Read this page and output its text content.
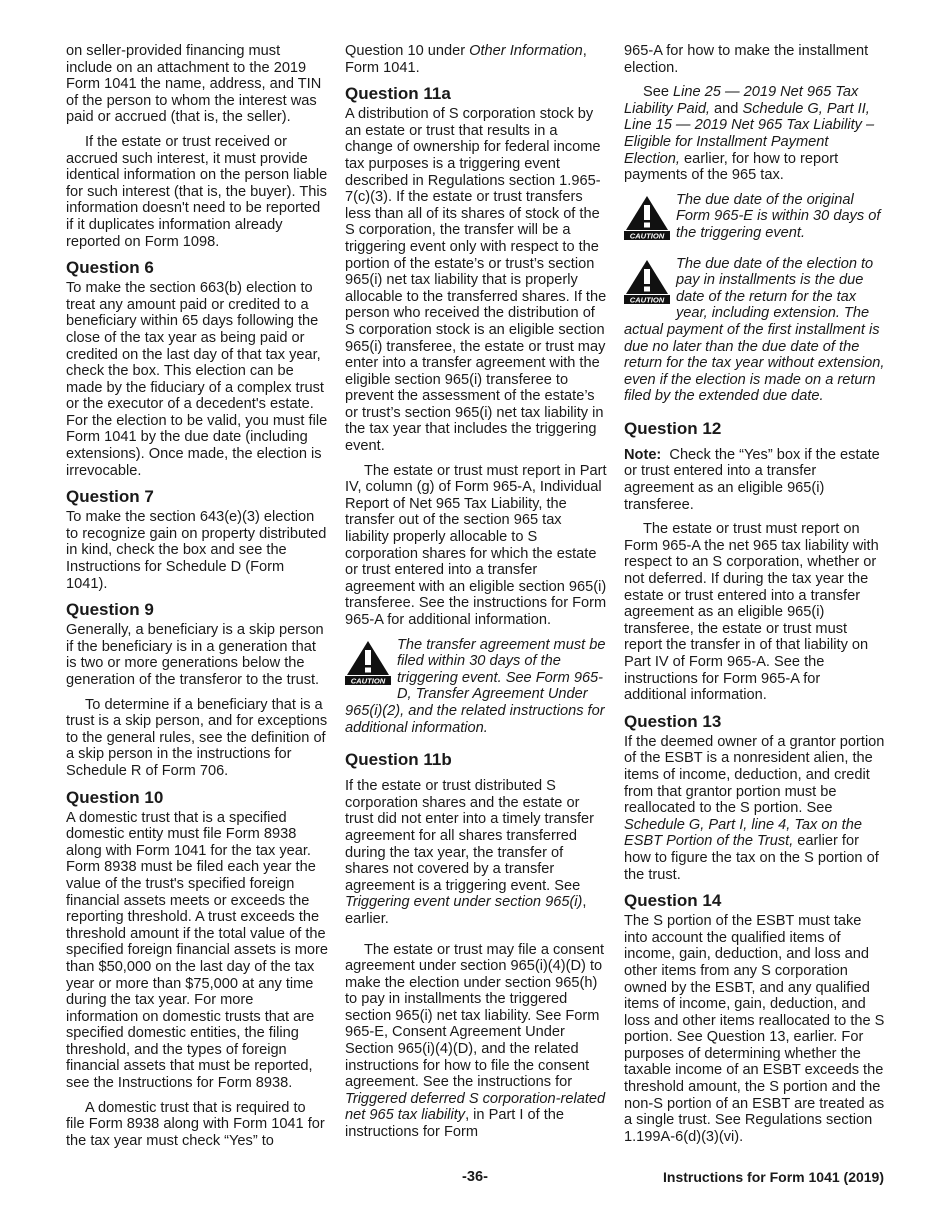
on seller-provided financing must include on an attachment to the 2019 Form 1041 the name, address, and TIN of the person to whom the interest was paid or accrued (that is, the seller).

If the estate or trust received or accrued such interest, it must provide identical information on the person liable for such interest (that is, the buyer). This information doesn't need to be reported if it duplicates information already reported on Form 1098.

Question 6

To make the section 663(b) election to treat any amount paid or credited to a beneficiary within 65 days following the close of the tax year as being paid or credited on the last day of that tax year, check the box. This election can be made by the fiduciary of a complex trust or the executor of a decedent's estate. For the election to be valid, you must file Form 1041 by the due date (including extensions). Once made, the election is irrevocable.

Question 7

To make the section 643(e)(3) election to recognize gain on property distributed in kind, check the box and see the Instructions for Schedule D (Form 1041).

Question 9

Generally, a beneficiary is a skip person if the beneficiary is in a generation that is two or more generations below the generation of the transferor to the trust.

To determine if a beneficiary that is a trust is a skip person, and for exceptions to the general rules, see the definition of a skip person in the instructions for Schedule R of Form 706.

Question 10

A domestic trust that is a specified domestic entity must file Form 8938 along with Form 1041 for the tax year. Form 8938 must be filed each year the value of the trust's specified foreign financial assets meets or exceeds the reporting threshold. A trust exceeds the threshold amount if the total value of the specified foreign financial assets is more than $50,000 on the last day of the tax year or more than $75,000 at any time during the tax year. For more information on domestic trusts that are specified domestic entities, the filing threshold, and the types of foreign financial assets that must be reported, see the Instructions for Form 8938.

A domestic trust that is required to file Form 8938 along with Form 1041 for the tax year must check “Yes” to

Question 10 under Other Information, Form 1041.

Question 11a

A distribution of S corporation stock by an estate or trust that results in a change of ownership for federal income tax purposes is a triggering event described in Regulations section 1.965-7(c)(3). If the estate or trust transfers less than all of its shares of stock of the S corporation, the transfer will be a triggering event only with respect to the portion of the estate’s or trust’s section 965(i) net tax liability that is properly allocable to the transferred shares. If the person who received the distribution of S corporation stock is an eligible section 965(i) transferee, the estate or trust may enter into a transfer agreement with the eligible section 965(i) transferee to prevent the assessment of the estate’s or trust’s section 965(i) net tax liability in the tax year that includes the triggering event.

The estate or trust must report in Part IV, column (g) of Form 965-A, Individual Report of Net 965 Tax Liability, the transfer out of the section 965 tax liability properly allocable to S corporation shares for which the estate or trust entered into a transfer agreement with an eligible section 965(i) transferee. See the instructions for Form 965-A for additional information.

CAUTION
The transfer agreement must be filed within 30 days of the triggering event. See Form 965-D, Transfer Agreement Under 965(i)(2), and the related instructions for additional information.
Question 11b

If the estate or trust distributed S corporation shares and the estate or trust did not enter into a timely transfer agreement for all shares transferred during the tax year, the transfer of shares not covered by a transfer agreement is a triggering event. See Triggering event under section 965(i), earlier.

The estate or trust may file a consent agreement under section 965(i)(4)(D) to make the election under section 965(h) to pay in installments the triggered section 965(i) net tax liability. See Form 965-E, Consent Agreement Under Section 965(i)(4)(D), and the related instructions for how to file the consent agreement. See the instructions for Triggered deferred S corporation-related net 965 tax liability, in Part I of the instructions for Form

965-A for how to make the installment election.

See Line 25 — 2019 Net 965 Tax Liability Paid, and Schedule G, Part II, Line 15 — 2019 Net 965 Tax Liability – Eligible for Installment Payment Election, earlier, for how to report payments of the 965 tax.

CAUTION
The due date of the original Form 965-E is within 30 days of the triggering event.
CAUTION
The due date of the election to pay in installments is the due date of the return for the tax year, including extension. The actual payment of the first installment is due no later than the due date of the return for the tax year without extension, even if the election is made on a return filed by the extended due date.
Question 12

Note: Check the “Yes” box if the estate or trust entered into a transfer agreement as an eligible 965(i) transferee.

The estate or trust must report on Form 965-A the net 965 tax liability with respect to an S corporation, whether or not deferred. If during the tax year the estate or trust entered into a transfer agreement as an eligible 965(i) transferee, the estate or trust must report the transfer in of that liability on Part IV of Form 965-A. See the instructions for Form 965-A for additional information.

Question 13

If the deemed owner of a grantor portion of the ESBT is a nonresident alien, the items of income, deduction, and credit from that grantor portion must be reallocated to the S portion. See Schedule G, Part I, line 4, Tax on the ESBT Portion of the Trust, earlier for how to figure the tax on the S portion of the trust.

Question 14

The S portion of the ESBT must take into account the qualified items of income, gain, deduction, and loss and other items from any S corporation owned by the ESBT, and any qualified items of income, gain, deduction, and loss and other items reallocated to the S portion. See Question 13, earlier. For purposes of determining whether the taxable income of an ESBT exceeds the threshold amount, the S portion and the non-S portion of an ESBT are treated as a single trust. See Regulations section 1.199A-6(d)(3)(vi).

-36-	Instructions for Form 1041 (2019)
